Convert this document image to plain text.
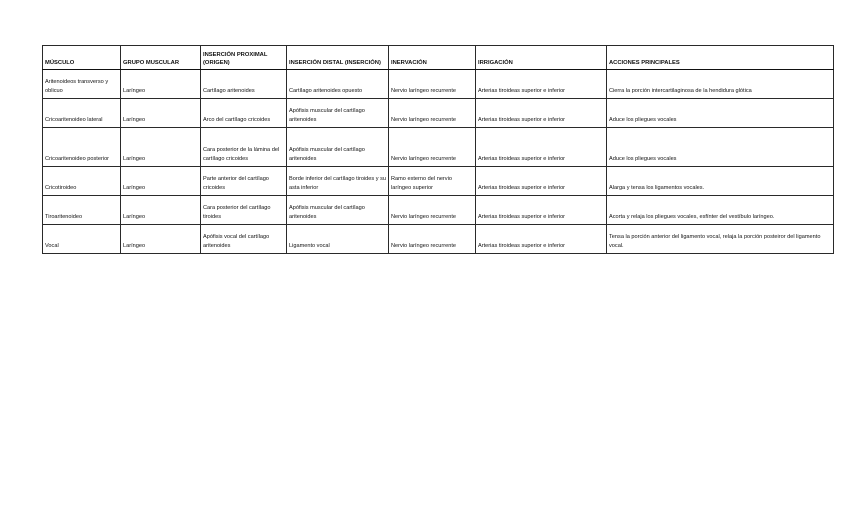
MÚSCULO	GRUPO MUSCULAR	INSERCIÓN PROXIMAL (ORIGEN)	INSERCIÓN DISTAL (INSERCIÓN)	INERVACIÓN	IRRIGACIÓN	ACCIONES PRINCIPALES
Aritenoideos transverso y oblicuo	Laríngeo	Cartílago aritenoides	Cartílago aritenoides opuesto	Nervio laríngeo recurrente	Arterias tiroideas superior e inferior	Cierra la porción intercartilaginosa de la hendidura glótica
Cricoaritenoideo lateral	Laríngeo	Arco del cartílago cricoides	Apófisis muscular del cartílago aritenoides	Nervio laríngeo recurrente	Arterias tiroideas superior e inferior	Aduce los pliegues vocales
Cricoaritenoideo posterior	Laríngeo	Cara posterior de la lámina del cartílago cricoides	Apófisis muscular del cartílago aritenoides	Nervio laríngeo recurrente	Arterias tiroideas superior e inferior	Aduce los pliegues vocales
Cricotiroideo	Laríngeo	Parte anterior del cartílago cricoides	Borde inferior del cartílago tiroides y su asta inferior	Ramo externo del nervio laríngeo superior	Arterias tiroideas superior e inferior	Alarga y tensa los ligamentos vocales.
Tiroaritenoideo	Laríngeo	Cara posterior del cartílago tiroides	Apófisis muscular del cartílago aritenoides	Nervio laríngeo recurrente	Arterias tiroideas superior e inferior	Acorta y relaja los pliegues vocales, esfínter del vestíbulo laríngeo.
Vocal	Laríngeo	Apófisis vocal del cartílago aritenoides	Ligamento vocal	Nervio laríngeo recurrente	Arterias tiroideas superior e inferior	Tensa la porción anterior del ligamento vocal, relaja la porción posteiror del ligamento vocal.
